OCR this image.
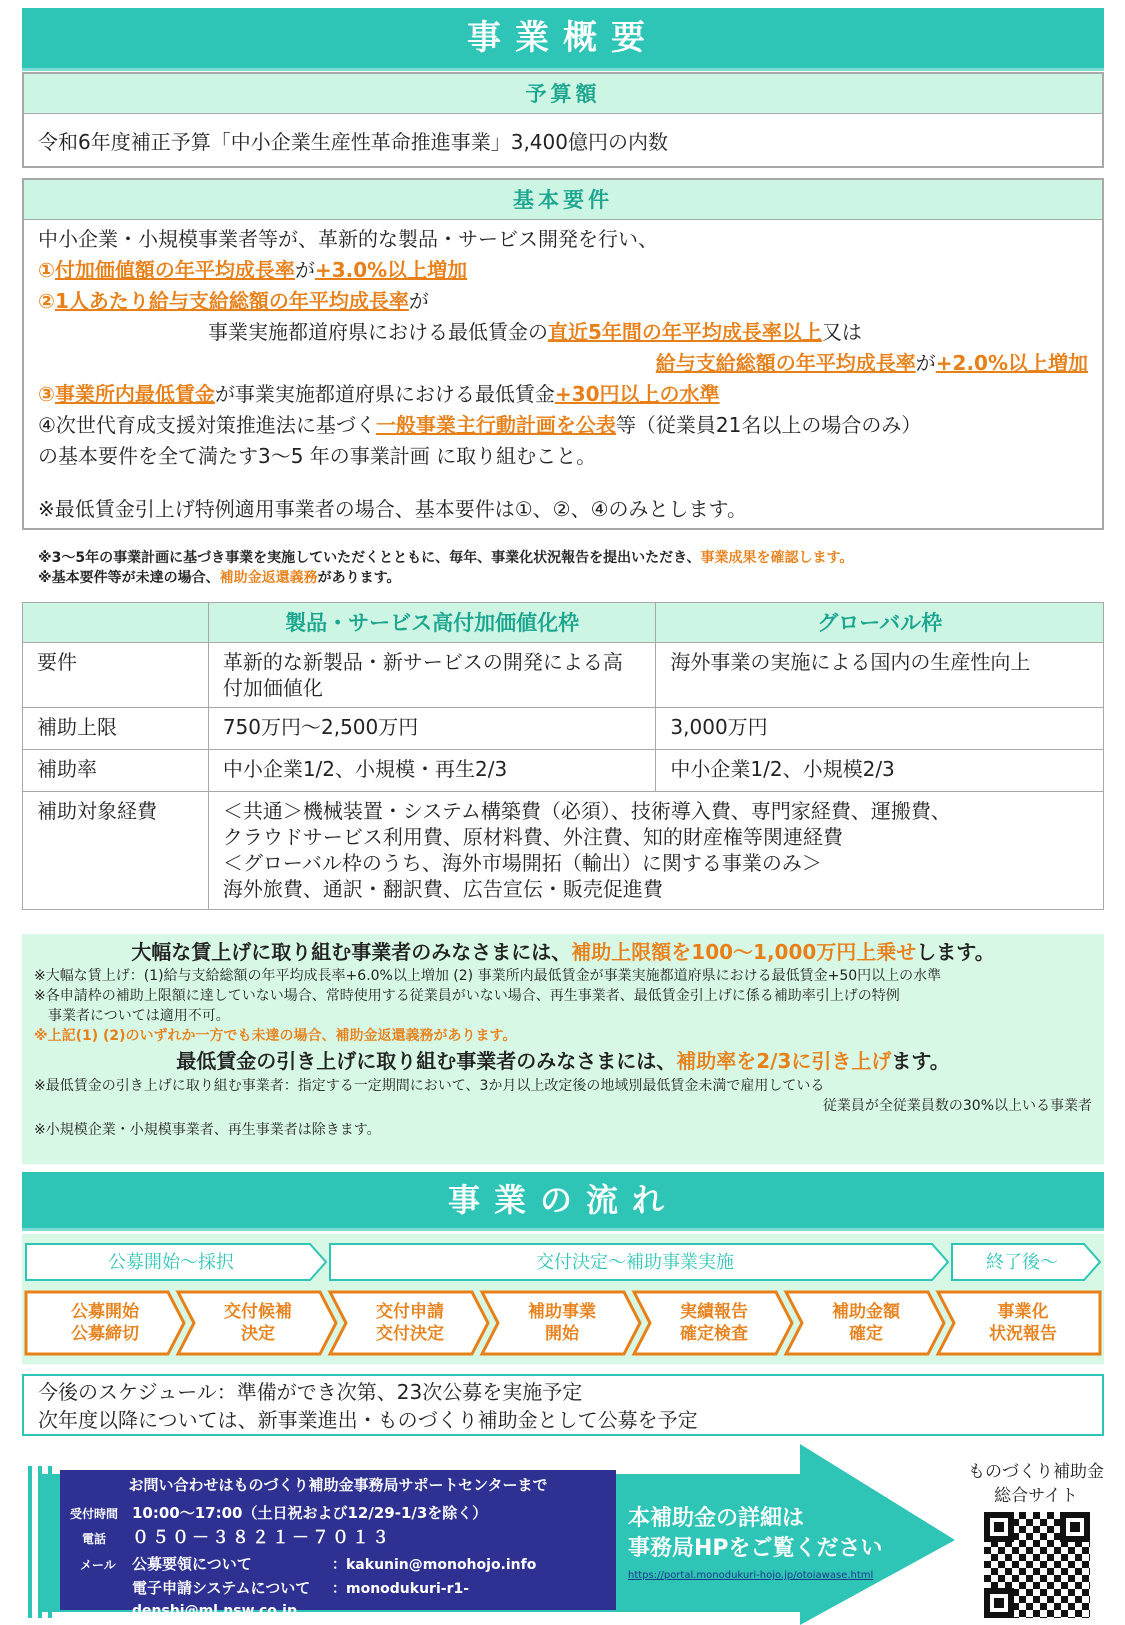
事業概要
予算額
令和6年度補正予算「中小企業生産性革命推進事業」3,400億円の内数
基本要件
中小企業・小規模事業者等が、革新的な製品・サービス開発を行い、
①付加価値額の年平均成長率が+3.0%以上増加
②1人あたり給与支給総額の年平均成長率が
事業実施都道府県における最低賃金の直近5年間の年平均成長率以上又は
給与支給総額の年平均成長率が+2.0%以上増加
③事業所内最低賃金が事業実施都道府県における最低賃金+30円以上の水準
④次世代育成支援対策推進法に基づく一般事業主行動計画を公表等（従業員21名以上の場合のみ）
の基本要件を全て満たす3～5 年の事業計画 に取り組むこと。
※最低賃金引上げ特例適用事業者の場合、基本要件は①、②、④のみとします。
※3～5年の事業計画に基づき事業を実施していただくとともに、毎年、事業化状況報告を提出いただき、事業成果を確認します。
※基本要件等が未達の場合、補助金返還義務があります。
	製品・サービス高付加価値化枠	グローバル枠
要件	革新的な新製品・新サービスの開発による高付加価値化	海外事業の実施による国内の生産性向上
補助上限	750万円～2,500万円	3,000万円
補助率	中小企業1/2、小規模・再生2/3	中小企業1/2、小規模2/3
補助対象経費	＜共通＞機械装置・システム構築費（必須）、技術導入費、専門家経費、運搬費、
クラウドサービス利用費、原材料費、外注費、知的財産権等関連経費
＜グローバル枠のうち、海外市場開拓（輸出）に関する事業のみ＞
海外旅費、通訳・翻訳費、広告宣伝・販売促進費	
大幅な賃上げに取り組む事業者のみなさまには、補助上限額を100～1,000万円上乗せします。
※大幅な賃上げ：(1)給与支給総額の年平均成長率+6.0%以上増加 (2) 事業所内最低賃金が事業実施都道府県における最低賃金+50円以上の水準
※各申請枠の補助上限額に達していない場合、常時使用する従業員がいない場合、再生事業者、最低賃金引上げに係る補助率引上げの特例
事業者については適用不可。
※上記(1) (2)のいずれか一方でも未達の場合、補助金返還義務があります。
最低賃金の引き上げに取り組む事業者のみなさまには、補助率を2/3に引き上げます。
※最低賃金の引き上げに取り組む事業者：指定する一定期間において、3か月以上改定後の地域別最低賃金未満で雇用している
従業員が全従業員数の30%以上いる事業者
※小規模企業・小規模事業者、再生事業者は除きます。
事業の流れ
公募開始～採択	交付決定～補助事業実施	終了後～
公募開始
公募締切
交付候補
決定
交付申請
交付決定
補助事業
開始
実績報告
確定検査
補助金額
確定
事業化
状況報告
今後のスケジュール：準備ができ次第、23次公募を実施予定
次年度以降については、新事業進出・ものづくり補助金として公募を予定
お問い合わせはものづくり補助金事務局サポートセンターまで
受付時間 10:00～17:00（土日祝および12/29-1/3を除く）
電話 ０５０－３８２１－７０１３
メール 公募要領について	：kakunin@monohojo.info
電子申請システムについて ：monodukuri-r1-denshi@ml.nsw.co.jp
本補助金の詳細は
事務局HPをご覧ください
https://portal.monodukuri-hojo.jp/otoiawase.html
ものづくり補助金
総合サイト
